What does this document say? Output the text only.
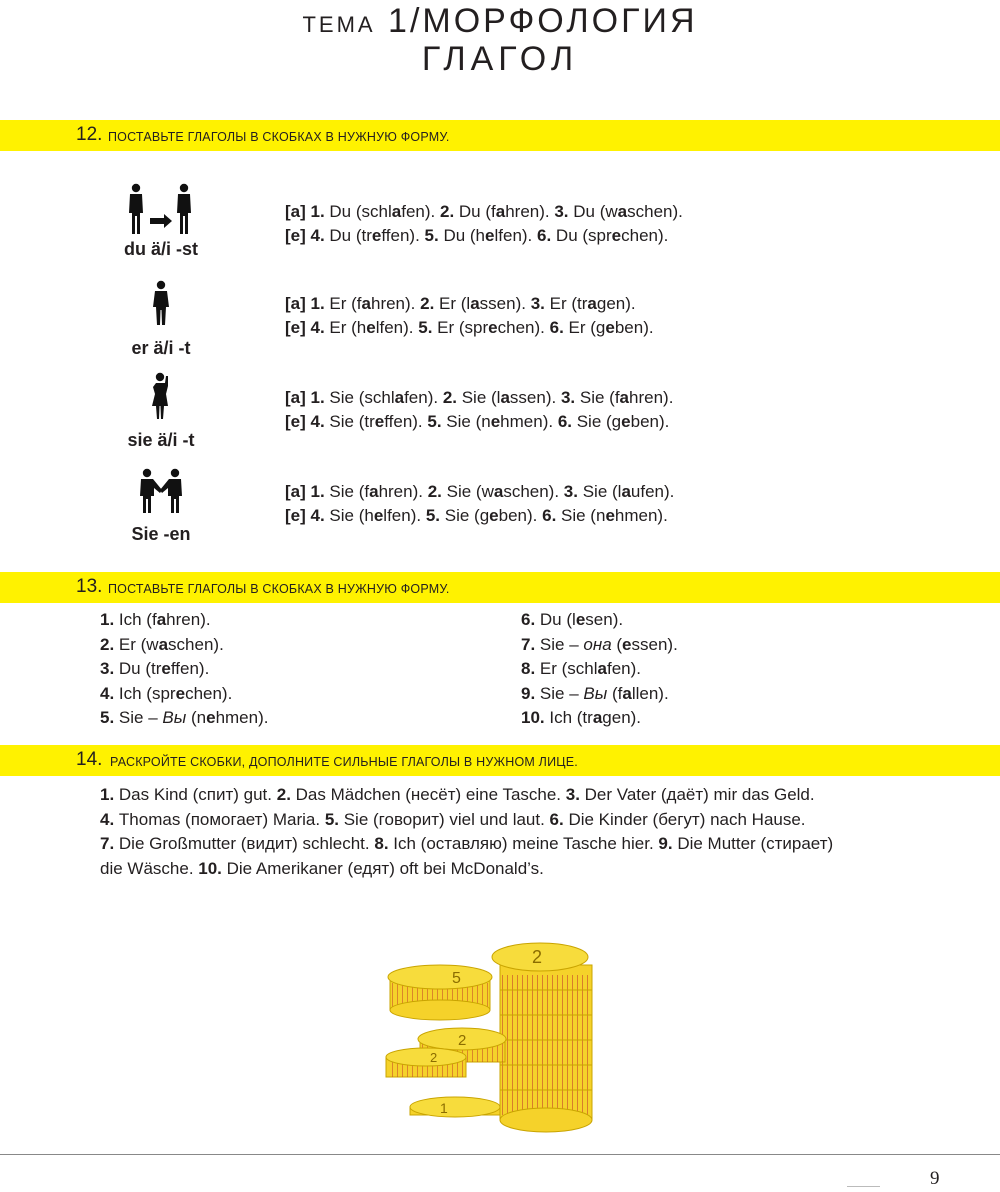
ТЕМА 1/МОРФОЛОГИЯ
ГЛАГОЛ
12. ПОСТАВЬТЕ ГЛАГОЛЫ В СКОБКАХ В НУЖНУЮ ФОРМУ.
du ä/i -st
er ä/i -t
sie ä/i -t
Sie -en
[a] 1. Du (schlafen). 2. Du (fahren). 3. Du (waschen).
[e] 4. Du (treffen). 5. Du (helfen). 6. Du (sprechen).
[a] 1. Er (fahren). 2. Er (lassen). 3. Er (tragen).
[e] 4. Er (helfen). 5. Er (sprechen). 6. Er (geben).
[a] 1. Sie (schlafen). 2. Sie (lassen). 3. Sie (fahren).
[e] 4. Sie (treffen). 5. Sie (nehmen). 6. Sie (geben).
[a] 1. Sie (fahren). 2. Sie (waschen). 3. Sie (laufen).
[e] 4. Sie (helfen). 5. Sie (geben). 6. Sie (nehmen).
13. ПОСТАВЬТЕ ГЛАГОЛЫ В СКОБКАХ В НУЖНУЮ ФОРМУ.
1. Ich (fahren).
2. Er (waschen).
3. Du (treffen).
4. Ich (sprechen).
5. Sie – Вы (nehmen).
6. Du (lesen).
7. Sie – она (essen).
8. Er (schlafen).
9. Sie – Вы (fallen).
10. Ich (tragen).
14. РАСКРОЙТЕ СКОБКИ, ДОПОЛНИТЕ СИЛЬНЫЕ ГЛАГОЛЫ В НУЖНОМ ЛИЦЕ.
1. Das Kind (спит) gut. 2. Das Mädchen (несёт) eine Tasche. 3. Der Vater (даёт) mir das Geld.
4. Thomas (помогает) Maria. 5. Sie (говорит) viel und laut. 6. Die Kinder (бегут) nach Hause.
7. Die Großmutter (видит) schlecht. 8. Ich (оставляю) meine Tasche hier. 9. Die Mutter (стирает)
die Wäsche. 10. Die Amerikaner (едят) oft bei McDonald’s.
2
5
2
2
1
9
